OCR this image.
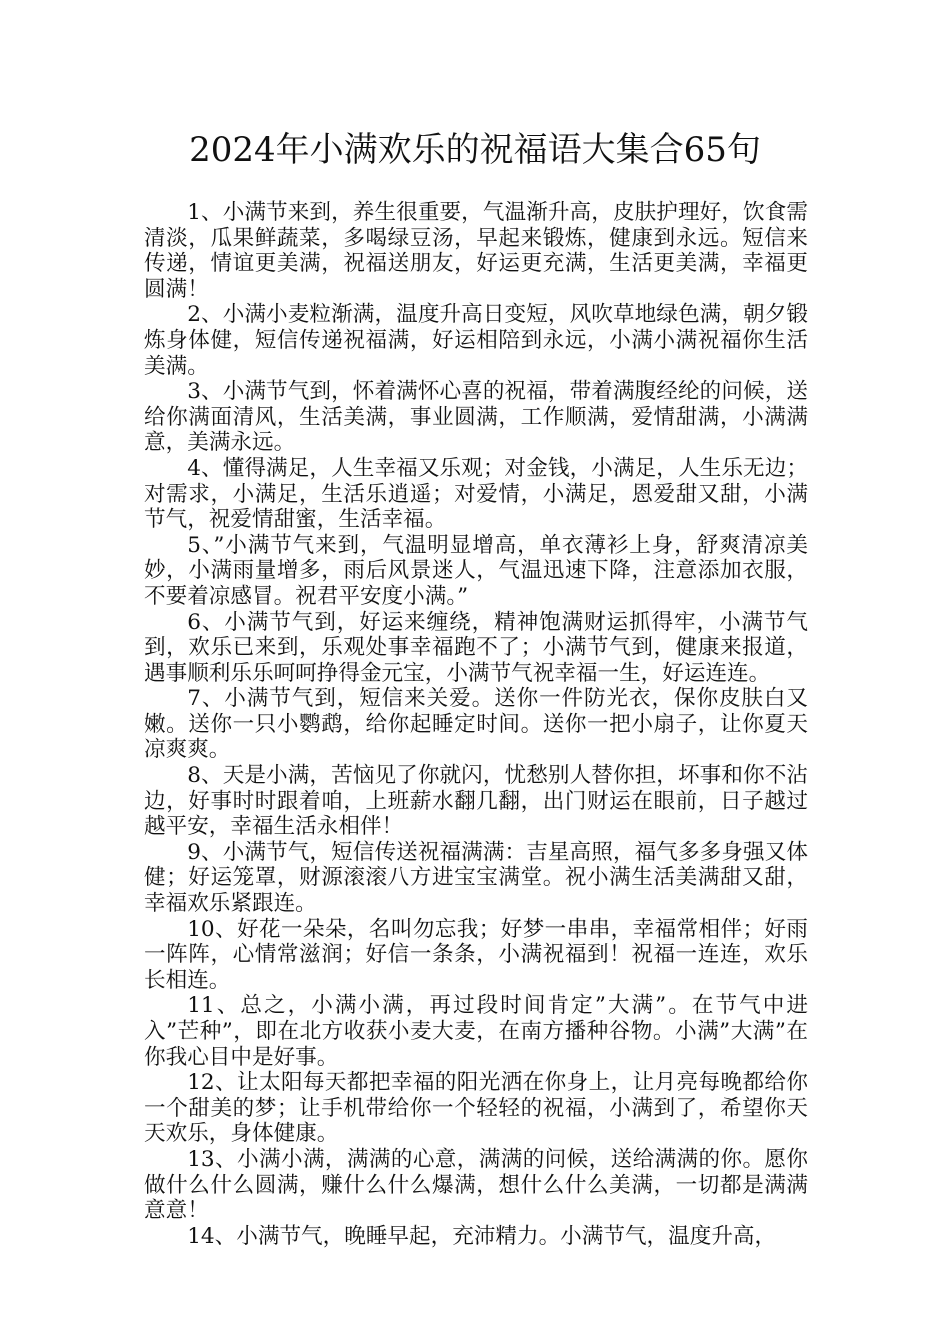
2024年小满欢乐的祝福语大集合65句

1、小满节来到，养生很重要，气温渐升高，皮肤护理好，饮食需清淡，瓜果鲜蔬菜，多喝绿豆汤，早起来锻炼，健康到永远。短信来传递，情谊更美满，祝福送朋友，好运更充满，生活更美满，幸福更圆满！

2、小满小麦粒渐满，温度升高日变短，风吹草地绿色满，朝夕锻炼身体健，短信传递祝福满，好运相陪到永远，小满小满祝福你生活美满。

3、小满节气到，怀着满怀心喜的祝福，带着满腹经纶的问候，送给你满面清风，生活美满，事业圆满，工作顺满，爱情甜满，小满满意，美满永远。

4、懂得满足，人生幸福又乐观；对金钱，小满足，人生乐无边；对需求，小满足，生活乐逍遥；对爱情，小满足，恩爱甜又甜，小满节气，祝爱情甜蜜，生活幸福。

5、”小满节气来到，气温明显增高，单衣薄衫上身，舒爽清凉美妙，小满雨量增多，雨后风景迷人，气温迅速下降，注意添加衣服，不要着凉感冒。祝君平安度小满。”

6、小满节气到，好运来缠绕，精神饱满财运抓得牢，小满节气到，欢乐已来到，乐观处事幸福跑不了；小满节气到，健康来报道，遇事顺利乐乐呵呵挣得金元宝，小满节气祝幸福一生，好运连连。

7、小满节气到，短信来关爱。送你一件防光衣，保你皮肤白又嫩。送你一只小鹦鹉，给你起睡定时间。送你一把小扇子，让你夏天凉爽爽。

8、天是小满，苦恼见了你就闪，忧愁别人替你担，坏事和你不沾边，好事时时跟着咱，上班薪水翻几翻，出门财运在眼前，日子越过越平安，幸福生活永相伴！

9、小满节气，短信传送祝福满满：吉星高照，福气多多身强又体健；好运笼罩，财源滚滚八方进宝宝满堂。祝小满生活美满甜又甜，幸福欢乐紧跟连。

10、好花一朵朵，名叫勿忘我；好梦一串串，幸福常相伴；好雨一阵阵，心情常滋润；好信一条条，小满祝福到！祝福一连连，欢乐长相连。

11、总之，小满小满，再过段时间肯定”大满”。在节气中进入”芒种”，即在北方收获小麦大麦，在南方播种谷物。小满”大满”在你我心目中是好事。

12、让太阳每天都把幸福的阳光洒在你身上，让月亮每晚都给你一个甜美的梦；让手机带给你一个轻轻的祝福，小满到了，希望你天天欢乐，身体健康。

13、小满小满，满满的心意，满满的问候，送给满满的你。愿你做什么什么圆满，赚什么什么爆满，想什么什么美满，一切都是满满意意！

14、小满节气，晚睡早起，充沛精力。小满节气，温度升高，
